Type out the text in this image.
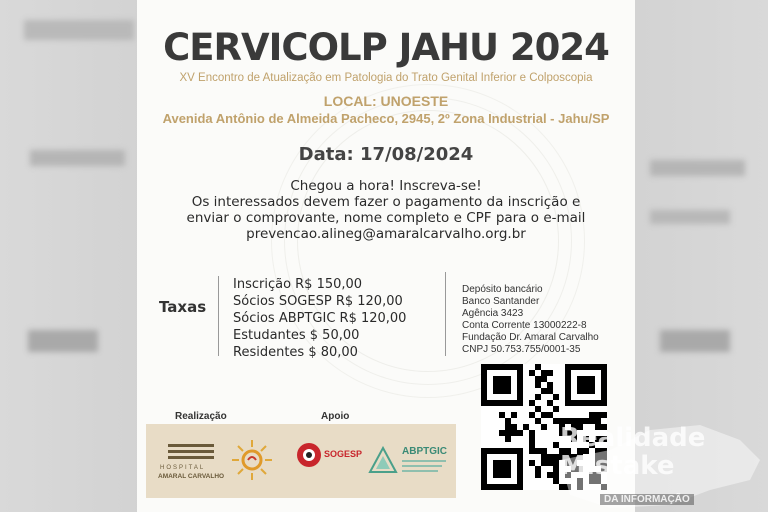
CERVICOLP JAHU 2024
XV Encontro de Atualização em Patologia do Trato Genital Inferior e Colposcopia
LOCAL: UNOESTE
Avenida Antônio de Almeida Pacheco, 2945, 2º Zona Industrial - Jahu/SP
Data: 17/08/2024
Chegou a hora! Inscreva-se!
Os interessados devem fazer o pagamento da inscrição e
enviar o comprovante, nome completo e CPF para o e-mail
prevencao.alineg@amaralcarvalho.org.br
Taxas
Inscrição R$ 150,00
Sócios SOGESP R$ 120,00
Sócios ABPTGIC R$ 120,00
Estudantes $ 50,00
Residentes $ 80,00
Depósito bancário
Banco Santander
Agência 3423
Conta Corrente 13000222-8
Fundação Dr. Amaral Carvalho
CNPJ 50.753.755/0001-35
Realização	Apoio
HOSPITAL
AMARAL CARVALHO
SOGESP	ABPTGIC	Realidade
Mistake
DA INFORMAÇÃO
